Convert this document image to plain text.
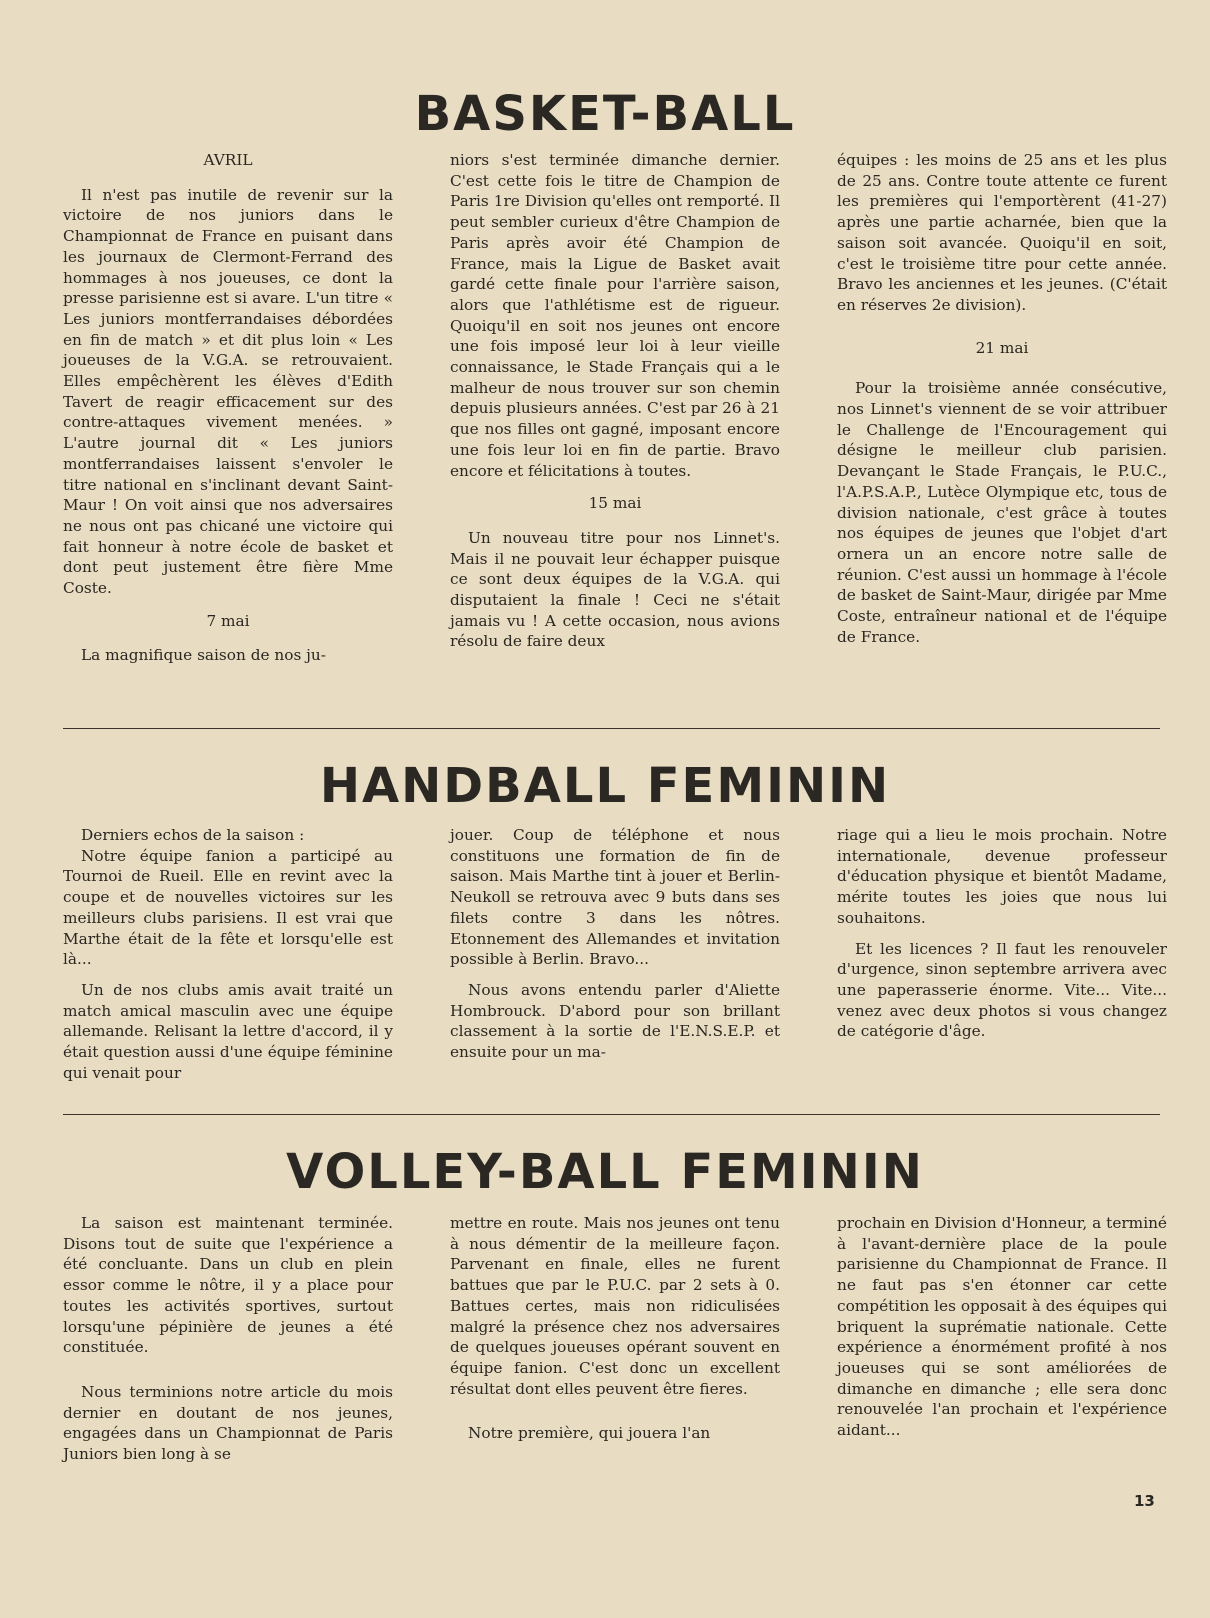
BASKET-BALL

AVRIL

Il n'est pas inutile de revenir sur la victoire de nos juniors dans le Championnat de France en puisant dans les journaux de Clermont-Ferrand des hommages à nos joueuses, ce dont la presse parisienne est si avare. L'un titre « Les juniors montferrandaises débordées en fin de match » et dit plus loin « Les joueuses de la V.G.A. se retrouvaient. Elles empêchèrent les élèves d'Edith Tavert de reagir efficacement sur des contre-attaques vivement menées. » L'autre journal dit « Les juniors montferrandaises laissent s'envoler le titre national en s'inclinant devant Saint-Maur ! On voit ainsi que nos adversaires ne nous ont pas chicané une victoire qui fait honneur à notre école de basket et dont peut justement être fière Mme Coste.

7 mai

La magnifique saison de nos ju-

niors s'est terminée dimanche dernier. C'est cette fois le titre de Champion de Paris 1re Division qu'elles ont remporté. Il peut sembler curieux d'être Champion de Paris après avoir été Champion de France, mais la Ligue de Basket avait gardé cette finale pour l'arrière saison, alors que l'athlétisme est de rigueur. Quoiqu'il en soit nos jeunes ont encore une fois imposé leur loi à leur vieille connaissance, le Stade Français qui a le malheur de nous trouver sur son chemin depuis plusieurs années. C'est par 26 à 21 que nos filles ont gagné, imposant encore une fois leur loi en fin de partie. Bravo encore et félicitations à toutes.

15 mai

Un nouveau titre pour nos Linnet's. Mais il ne pouvait leur échapper puisque ce sont deux équipes de la V.G.A. qui disputaient la finale ! Ceci ne s'était jamais vu ! A cette occasion, nous avions résolu de faire deux

équipes : les moins de 25 ans et les plus de 25 ans. Contre toute attente ce furent les premières qui l'emportèrent (41-27) après une partie acharnée, bien que la saison soit avancée. Quoiqu'il en soit, c'est le troisième titre pour cette année. Bravo les anciennes et les jeunes. (C'était en réserves 2e division).

21 mai

Pour la troisième année consécutive, nos Linnet's viennent de se voir attribuer le Challenge de l'Encouragement qui désigne le meilleur club parisien. Devançant le Stade Français, le P.U.C., l'A.P.S.A.P., Lutèce Olympique etc, tous de division nationale, c'est grâce à toutes nos équipes de jeunes que l'objet d'art ornera un an encore notre salle de réunion. C'est aussi un hommage à l'école de basket de Saint-Maur, dirigée par Mme Coste, entraîneur national et de l'équipe de France.

HANDBALL FEMININ

Derniers echos de la saison :

Notre équipe fanion a participé au Tournoi de Rueil. Elle en revint avec la coupe et de nouvelles victoires sur les meilleurs clubs parisiens. Il est vrai que Marthe était de la fête et lorsqu'elle est là...

Un de nos clubs amis avait traité un match amical masculin avec une équipe allemande. Relisant la lettre d'accord, il y était question aussi d'une équipe féminine qui venait pour

jouer. Coup de téléphone et nous constituons une formation de fin de saison. Mais Marthe tint à jouer et Berlin-Neukoll se retrouva avec 9 buts dans ses filets contre 3 dans les nôtres. Etonnement des Allemandes et invitation possible à Berlin. Bravo...

Nous avons entendu parler d'Aliette Hombrouck. D'abord pour son brillant classement à la sortie de l'E.N.S.E.P. et ensuite pour un ma-

riage qui a lieu le mois prochain. Notre internationale, devenue professeur d'éducation physique et bientôt Madame, mérite toutes les joies que nous lui souhaitons.

Et les licences ? Il faut les renouveler d'urgence, sinon septembre arrivera avec une paperasserie énorme. Vite... Vite... venez avec deux photos si vous changez de catégorie d'âge.

VOLLEY-BALL FEMININ

La saison est maintenant terminée. Disons tout de suite que l'expérience a été concluante. Dans un club en plein essor comme le nôtre, il y a place pour toutes les activités sportives, surtout lorsqu'une pépinière de jeunes a été constituée.

Nous terminions notre article du mois dernier en doutant de nos jeunes, engagées dans un Championnat de Paris Juniors bien long à se

mettre en route. Mais nos jeunes ont tenu à nous démentir de la meilleure façon. Parvenant en finale, elles ne furent battues que par le P.U.C. par 2 sets à 0. Battues certes, mais non ridiculisées malgré la présence chez nos adversaires de quelques joueuses opérant souvent en équipe fanion. C'est donc un excellent résultat dont elles peuvent être fieres.

Notre première, qui jouera l'an

prochain en Division d'Honneur, a terminé à l'avant-dernière place de la poule parisienne du Championnat de France. Il ne faut pas s'en étonner car cette compétition les opposait à des équipes qui briquent la suprématie nationale. Cette expérience a énormément profité à nos joueuses qui se sont améliorées de dimanche en dimanche ; elle sera donc renouvelée l'an prochain et l'expérience aidant...

13
